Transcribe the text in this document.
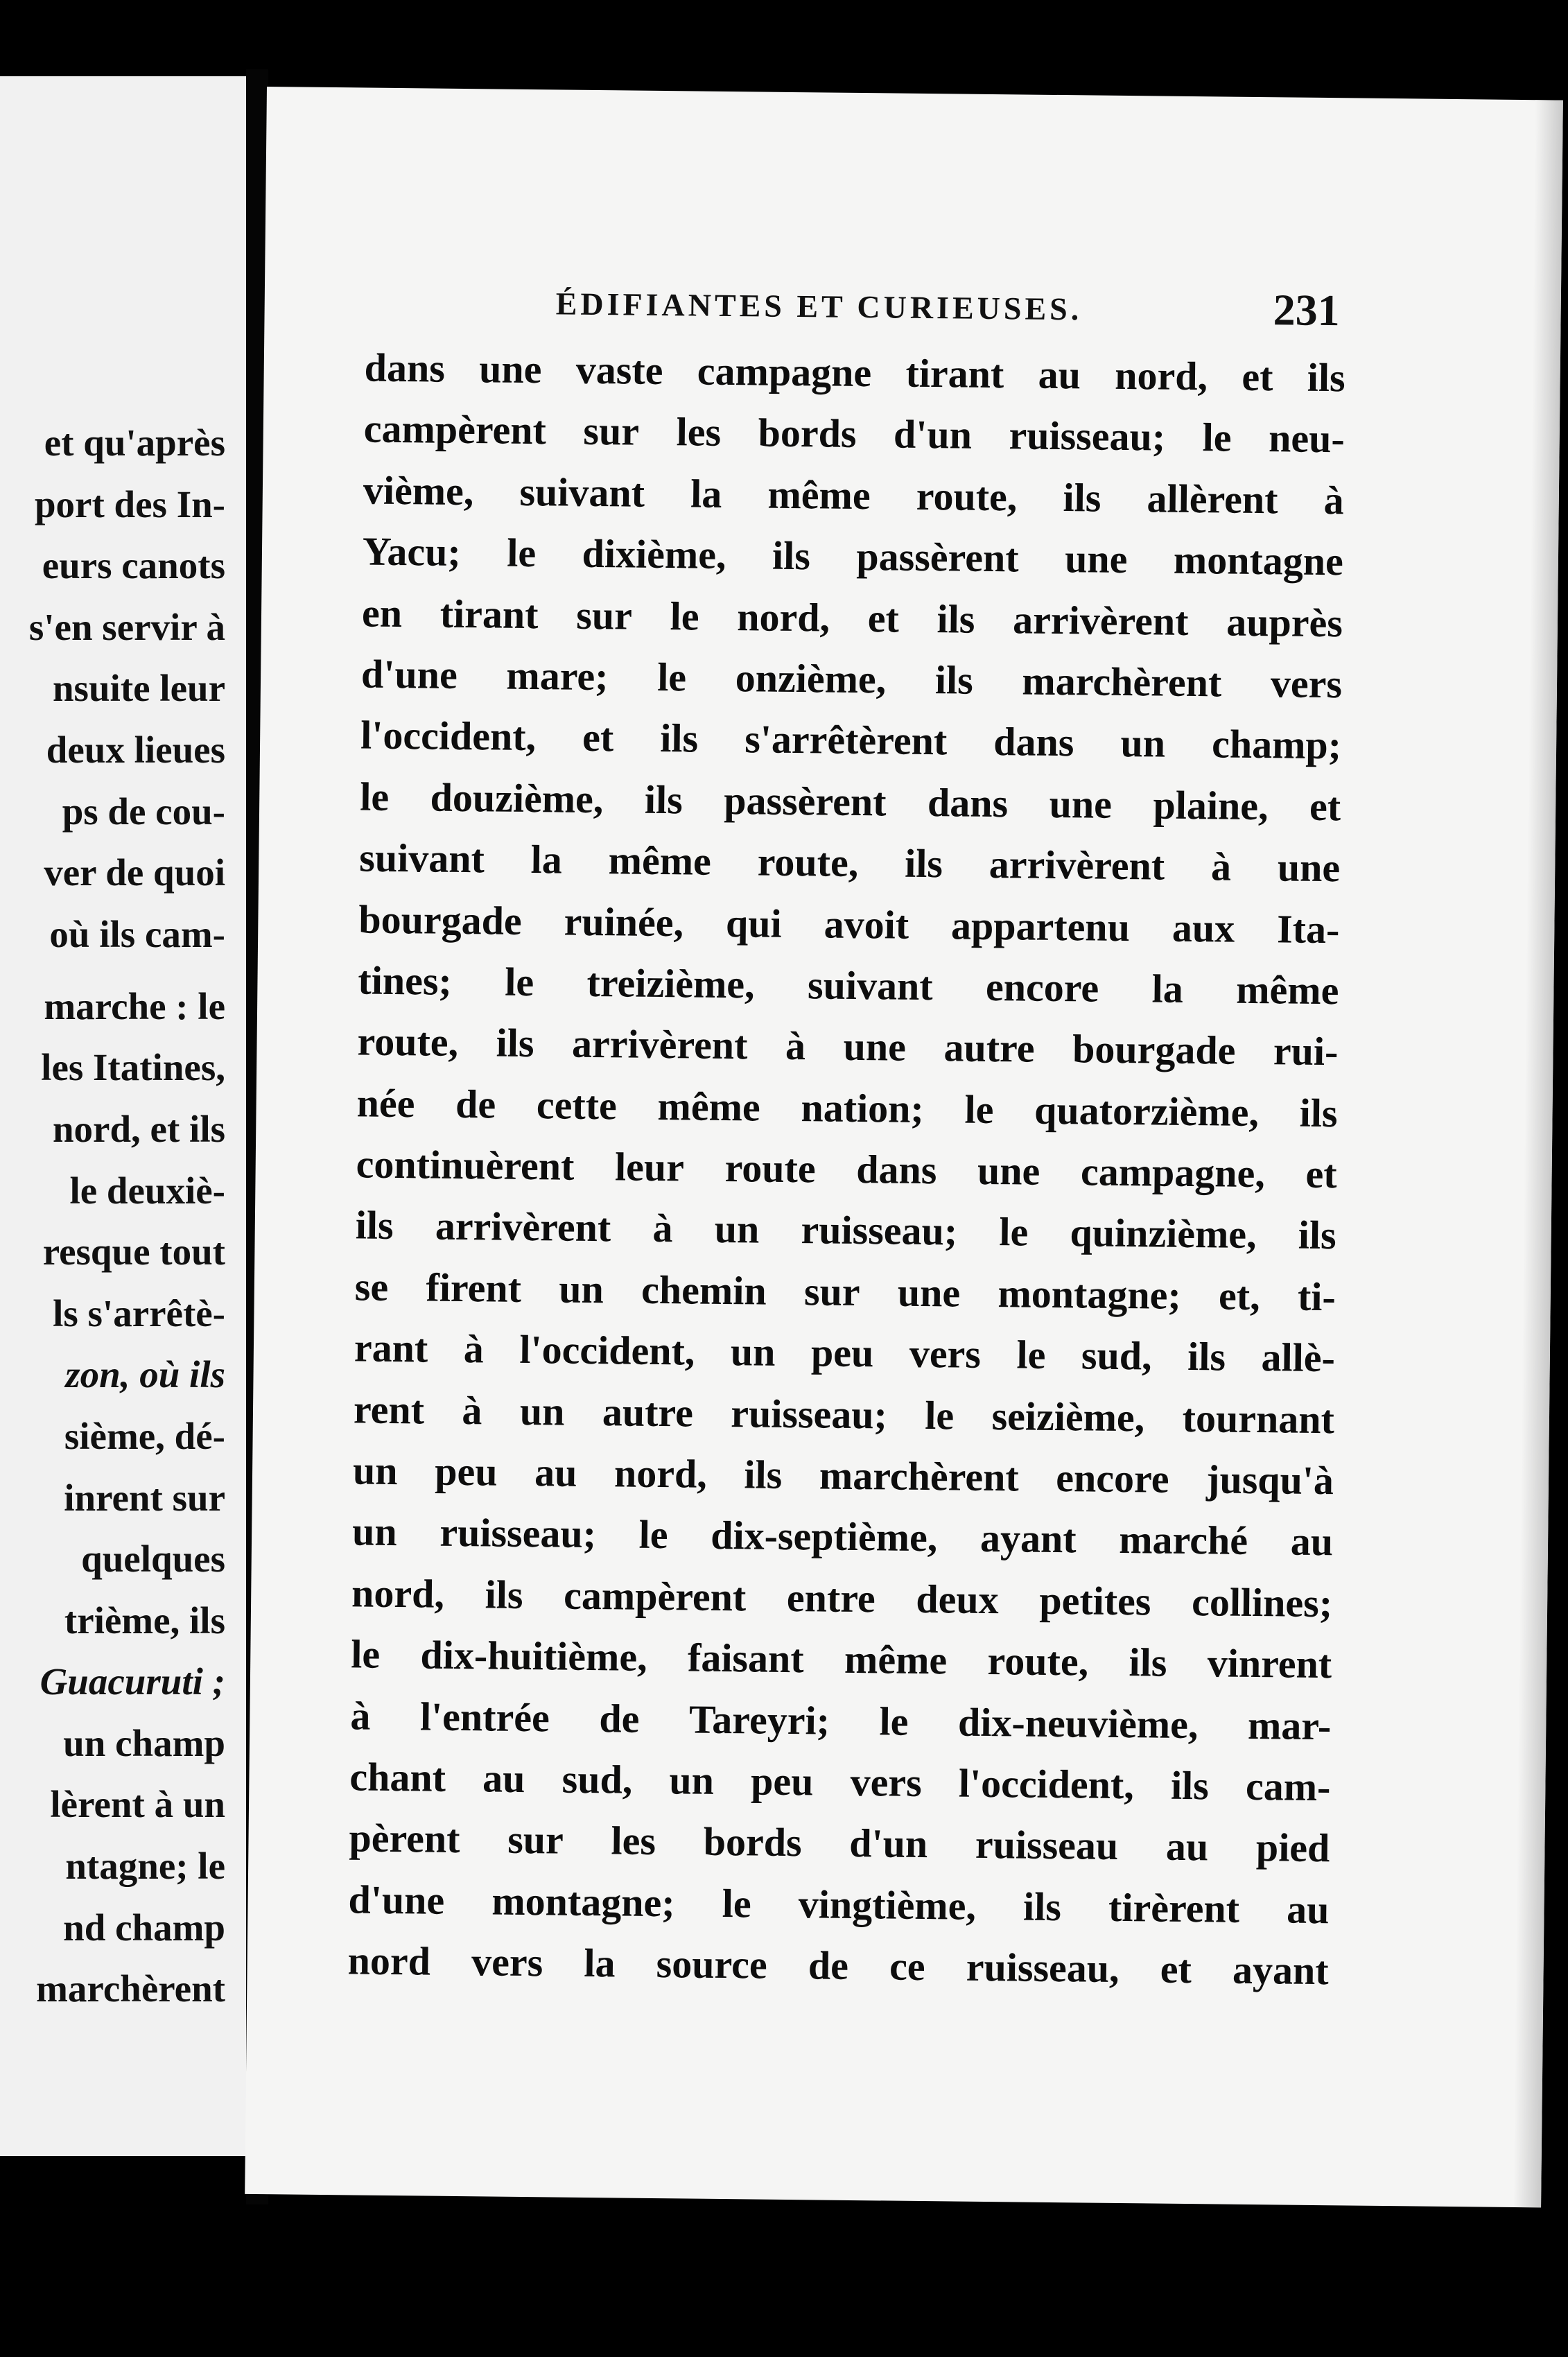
et qu'après
port des In-
eurs canots
s'en servir à
nsuite leur
deux lieues
ps de cou-
ver de quoi
où ils cam-
marche : le
les Itatines,
nord, et ils
le deuxiè-
resque tout
ls s'arrêtè-
zon, où ils
sième, dé-
inrent sur
quelques
trième, ils
Guacuruti ;
un champ
lèrent à un
ntagne; le
nd champ
marchèrent
ÉDIFIANTES ET CURIEUSES.	231
dans une vaste campagne tirant au nord, et ils
campèrent sur les bords d'un ruisseau; le neu-
vième, suivant la même route, ils allèrent à
Yacu; le dixième, ils passèrent une montagne
en tirant sur le nord, et ils arrivèrent auprès
d'une mare; le onzième, ils marchèrent vers
l'occident, et ils s'arrêtèrent dans un champ;
le douzième, ils passèrent dans une plaine, et
suivant la même route, ils arrivèrent à une
bourgade ruinée, qui avoit appartenu aux Ita-
tines; le treizième, suivant encore la même
route, ils arrivèrent à une autre bourgade rui-
née de cette même nation; le quatorzième, ils
continuèrent leur route dans une campagne, et
ils arrivèrent à un ruisseau; le quinzième, ils
se firent un chemin sur une montagne; et, ti-
rant à l'occident, un peu vers le sud, ils allè-
rent à un autre ruisseau; le seizième, tournant
un peu au nord, ils marchèrent encore jusqu'à
un ruisseau; le dix-septième, ayant marché au
nord, ils campèrent entre deux petites collines;
le dix-huitième, faisant même route, ils vinrent
à l'entrée de Tareyri; le dix-neuvième, mar-
chant au sud, un peu vers l'occident, ils cam-
pèrent sur les bords d'un ruisseau au pied
d'une montagne; le vingtième, ils tirèrent au
nord vers la source de ce ruisseau, et ayant
